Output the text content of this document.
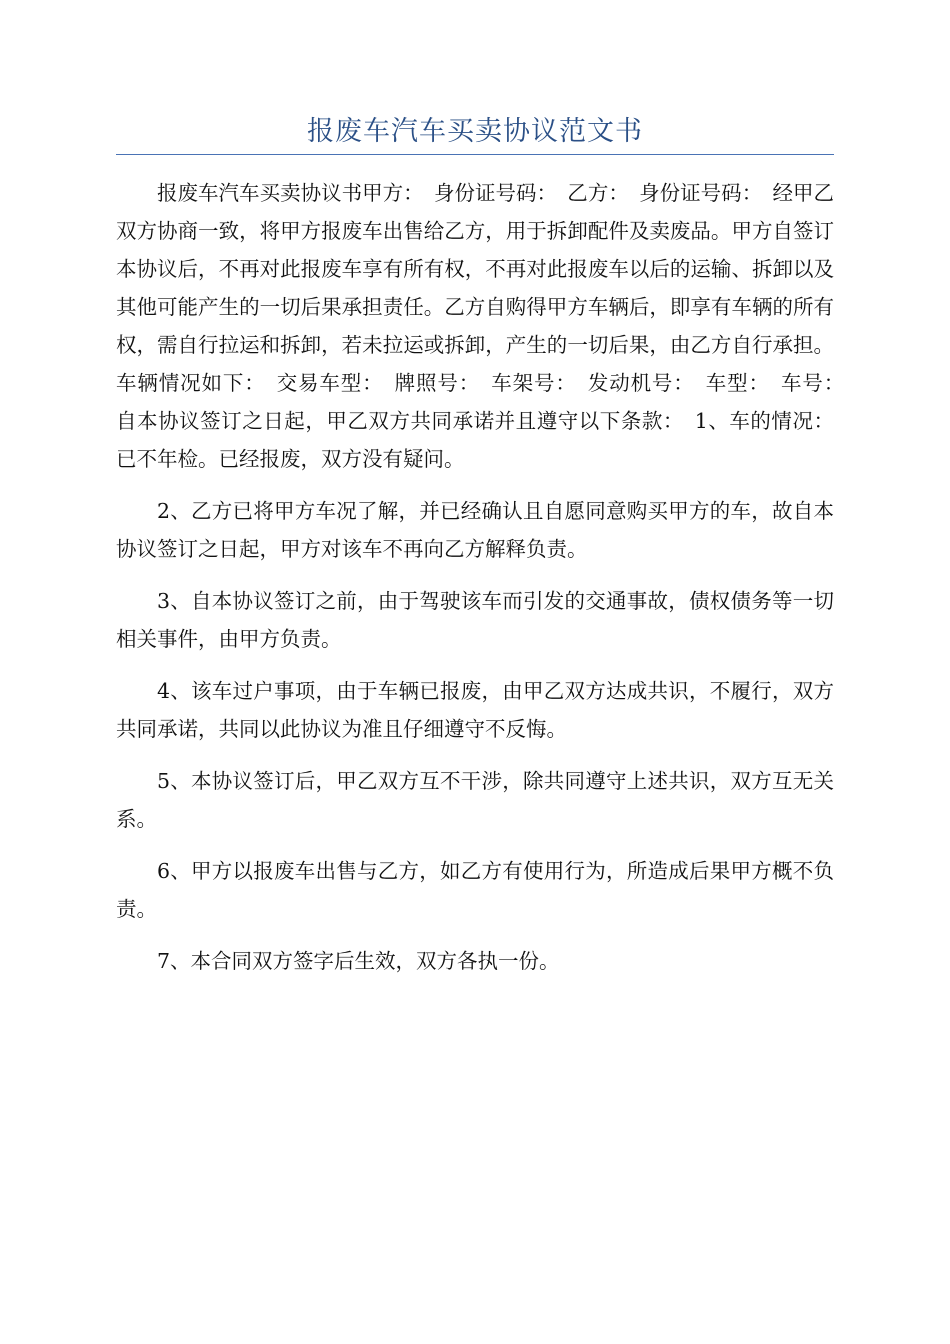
报废车汽车买卖协议范文书

报废车汽车买卖协议书甲方：　身份证号码：　乙方：　身份证号码：　经甲乙双方协商一致，将甲方报废车出售给乙方，用于拆卸配件及卖废品。甲方自签订本协议后，不再对此报废车享有所有权，不再对此报废车以后的运输、拆卸以及其他可能产生的一切后果承担责任。乙方自购得甲方车辆后，即享有车辆的所有权，需自行拉运和拆卸，若未拉运或拆卸，产生的一切后果，由乙方自行承担。车辆情况如下：　交易车型：　牌照号：　车架号：　发动机号：　车型：　车号：　自本协议签订之日起，甲乙双方共同承诺并且遵守以下条款：　1、车的情况：已不年检。已经报废，双方没有疑问。

2、乙方已将甲方车况了解，并已经确认且自愿同意购买甲方的车，故自本协议签订之日起，甲方对该车不再向乙方解释负责。

3、自本协议签订之前，由于驾驶该车而引发的交通事故，债权债务等一切相关事件，由甲方负责。

4、该车过户事项，由于车辆已报废，由甲乙双方达成共识，不履行，双方共同承诺，共同以此协议为准且仔细遵守不反悔。

5、本协议签订后，甲乙双方互不干涉，除共同遵守上述共识，双方互无关系。

6、甲方以报废车出售与乙方，如乙方有使用行为，所造成后果甲方概不负责。

7、本合同双方签字后生效，双方各执一份。
